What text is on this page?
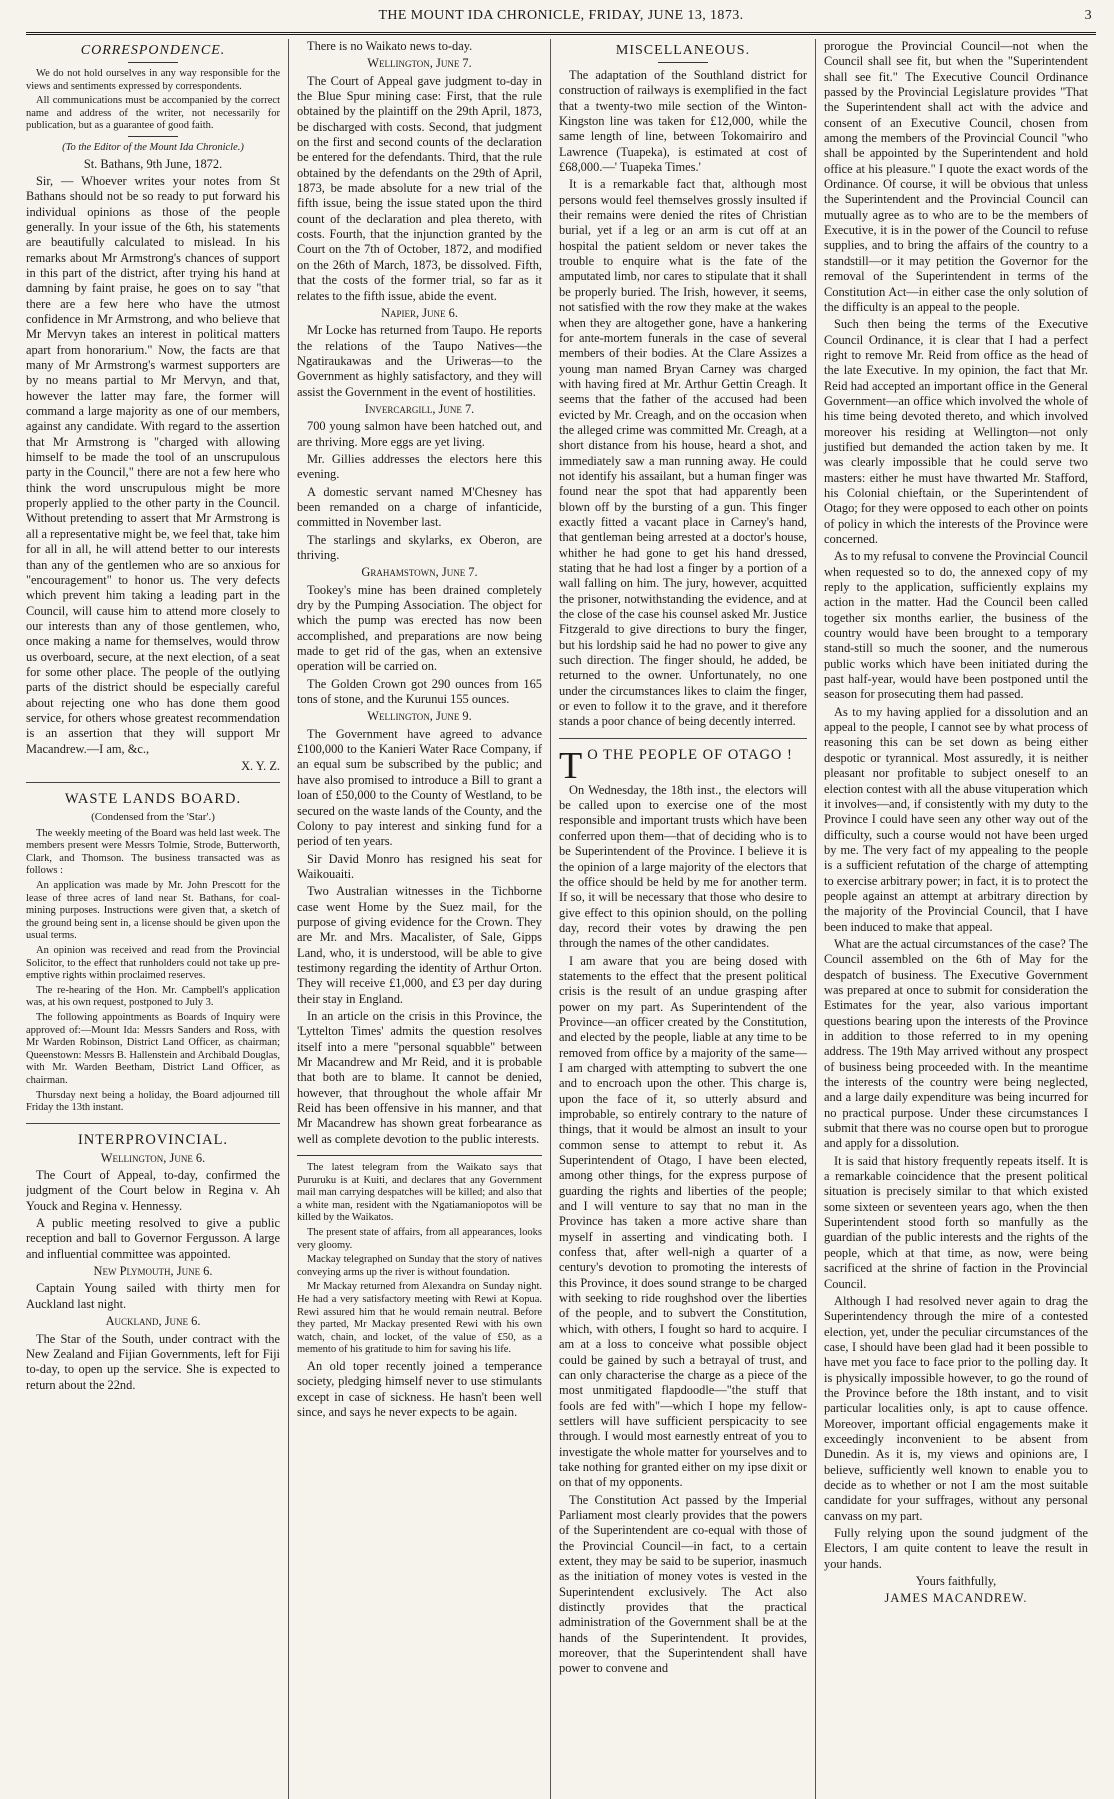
THE MOUNT IDA CHRONICLE, FRIDAY, JUNE 13, 1873.	3
CORRESPONDENCE.

We do not hold ourselves in any way responsible for the views and sentiments expressed by correspondents.

All communications must be accompanied by the correct name and address of the writer, not necessarily for publication, but as a guarantee of good faith.

(To the Editor of the Mount Ida Chronicle.)

St. Bathans, 9th June, 1872.

Sir, — Whoever writes your notes from St Bathans should not be so ready to put forward his individual opinions as those of the people generally. In your issue of the 6th, his statements are beautifully calculated to mislead. In his remarks about Mr Armstrong's chances of support in this part of the district, after trying his hand at damning by faint praise, he goes on to say "that there are a few here who have the utmost confidence in Mr Armstrong, and who believe that Mr Mervyn takes an interest in political matters apart from honorarium." Now, the facts are that many of Mr Armstrong's warmest supporters are by no means partial to Mr Mervyn, and that, however the latter may fare, the former will command a large majority as one of our members, against any candidate. With regard to the assertion that Mr Armstrong is "charged with allowing himself to be made the tool of an unscrupulous party in the Council," there are not a few here who think the word unscrupulous might be more properly applied to the other party in the Council. Without pretending to assert that Mr Armstrong is all a representative might be, we feel that, take him for all in all, he will attend better to our interests than any of the gentlemen who are so anxious for "encouragement" to honor us. The very defects which prevent him taking a leading part in the Council, will cause him to attend more closely to our interests than any of those gentlemen, who, once making a name for themselves, would throw us overboard, secure, at the next election, of a seat for some other place. The people of the outlying parts of the district should be especially careful about rejecting one who has done them good service, for others whose greatest recommendation is an assertion that they will support Mr Macandrew.—I am, &c.,

X. Y. Z.

WASTE LANDS BOARD.

(Condensed from the 'Star'.)

The weekly meeting of the Board was held last week. The members present were Messrs Tolmie, Strode, Butterworth, Clark, and Thomson. The business transacted was as follows :

An application was made by Mr. John Prescott for the lease of three acres of land near St. Bathans, for coal-mining purposes. Instructions were given that, a sketch of the ground being sent in, a license should be given upon the usual terms.

An opinion was received and read from the Provincial Solicitor, to the effect that runholders could not take up pre-emptive rights within proclaimed reserves.

The re-hearing of the Hon. Mr. Campbell's application was, at his own request, postponed to July 3.

The following appointments as Boards of Inquiry were approved of:—Mount Ida: Messrs Sanders and Ross, with Mr Warden Robinson, District Land Officer, as chairman; Queenstown: Messrs B. Hallenstein and Archibald Douglas, with Mr. Warden Beetham, District Land Officer, as chairman.

Thursday next being a holiday, the Board adjourned till Friday the 13th instant.

INTERPROVINCIAL.

Wellington, June 6.

The Court of Appeal, to-day, confirmed the judgment of the Court below in Regina v. Ah Youck and Regina v. Hennessy.

A public meeting resolved to give a public reception and ball to Governor Fergusson. A large and influential committee was appointed.

New Plymouth, June 6.

Captain Young sailed with thirty men for Auckland last night.

Auckland, June 6.

The Star of the South, under contract with the New Zealand and Fijian Governments, left for Fiji to-day, to open up the service. She is expected to return about the 22nd.

There is no Waikato news to-day.

Wellington, June 7.

The Court of Appeal gave judgment to-day in the Blue Spur mining case: First, that the rule obtained by the plaintiff on the 29th April, 1873, be discharged with costs. Second, that judgment on the first and second counts of the declaration be entered for the defendants. Third, that the rule obtained by the defendants on the 29th of April, 1873, be made absolute for a new trial of the fifth issue, being the issue stated upon the third count of the declaration and plea thereto, with costs. Fourth, that the injunction granted by the Court on the 7th of October, 1872, and modified on the 26th of March, 1873, be dissolved. Fifth, that the costs of the former trial, so far as it relates to the fifth issue, abide the event.

Napier, June 6.

Mr Locke has returned from Taupo. He reports the relations of the Taupo Natives—the Ngatiraukawas and the Uriweras—to the Government as highly satisfactory, and they will assist the Government in the event of hostilities.

Invercargill, June 7.

700 young salmon have been hatched out, and are thriving. More eggs are yet living.

Mr. Gillies addresses the electors here this evening.

A domestic servant named M'Chesney has been remanded on a charge of infanticide, committed in November last.

The starlings and skylarks, ex Oberon, are thriving.

Grahamstown, June 7.

Tookey's mine has been drained completely dry by the Pumping Association. The object for which the pump was erected has now been accomplished, and preparations are now being made to get rid of the gas, when an extensive operation will be carried on.

The Golden Crown got 290 ounces from 165 tons of stone, and the Kurunui 155 ounces.

Wellington, June 9.

The Government have agreed to advance £100,000 to the Kanieri Water Race Company, if an equal sum be subscribed by the public; and have also promised to introduce a Bill to grant a loan of £50,000 to the County of Westland, to be secured on the waste lands of the County, and the Colony to pay interest and sinking fund for a period of ten years.

Sir David Monro has resigned his seat for Waikouaiti.

Two Australian witnesses in the Tichborne case went Home by the Suez mail, for the purpose of giving evidence for the Crown. They are Mr. and Mrs. Macalister, of Sale, Gipps Land, who, it is understood, will be able to give testimony regarding the identity of Arthur Orton. They will receive £1,000, and £3 per day during their stay in England.

In an article on the crisis in this Province, the 'Lyttelton Times' admits the question resolves itself into a mere "personal squabble" between Mr Macandrew and Mr Reid, and it is probable that both are to blame. It cannot be denied, however, that throughout the whole affair Mr Reid has been offensive in his manner, and that Mr Macandrew has shown great forbearance as well as complete devotion to the public interests.

The latest telegram from the Waikato says that Pururuku is at Kuiti, and declares that any Government mail man carrying despatches will be killed; and also that a white man, resident with the Ngatiamaniopotos will be killed by the Waikatos.

The present state of affairs, from all appearances, looks very gloomy.

Mackay telegraphed on Sunday that the story of natives conveying arms up the river is without foundation.

Mr Mackay returned from Alexandra on Sunday night. He had a very satisfactory meeting with Rewi at Kopua. Rewi assured him that he would remain neutral. Before they parted, Mr Mackay presented Rewi with his own watch, chain, and locket, of the value of £50, as a memento of his gratitude to him for saving his life.

An old toper recently joined a temperance society, pledging himself never to use stimulants except in case of sickness. He hasn't been well since, and says he never expects to be again.

MISCELLANEOUS.

The adaptation of the Southland district for construction of railways is exemplified in the fact that a twenty-two mile section of the Winton-Kingston line was taken for £12,000, while the same length of line, between Tokomairiro and Lawrence (Tuapeka), is estimated at cost of £68,000.—' Tuapeka Times.'

It is a remarkable fact that, although most persons would feel themselves grossly insulted if their remains were denied the rites of Christian burial, yet if a leg or an arm is cut off at an hospital the patient seldom or never takes the trouble to enquire what is the fate of the amputated limb, nor cares to stipulate that it shall be properly buried. The Irish, however, it seems, not satisfied with the row they make at the wakes when they are altogether gone, have a hankering for ante-mortem funerals in the case of several members of their bodies. At the Clare Assizes a young man named Bryan Carney was charged with having fired at Mr. Arthur Gettin Creagh. It seems that the father of the accused had been evicted by Mr. Creagh, and on the occasion when the alleged crime was committed Mr. Creagh, at a short distance from his house, heard a shot, and immediately saw a man running away. He could not identify his assailant, but a human finger was found near the spot that had apparently been blown off by the bursting of a gun. This finger exactly fitted a vacant place in Carney's hand, that gentleman being arrested at a doctor's house, whither he had gone to get his hand dressed, stating that he had lost a finger by a portion of a wall falling on him. The jury, however, acquitted the prisoner, notwithstanding the evidence, and at the close of the case his counsel asked Mr. Justice Fitzgerald to give directions to bury the finger, but his lordship said he had no power to give any such direction. The finger should, he added, be returned to the owner. Unfortunately, no one under the circumstances likes to claim the finger, or even to follow it to the grave, and it therefore stands a poor chance of being decently interred.

T O THE PEOPLE OF OTAGO !

On Wednesday, the 18th inst., the electors will be called upon to exercise one of the most responsible and important trusts which have been conferred upon them—that of deciding who is to be Superintendent of the Province. I believe it is the opinion of a large majority of the electors that the office should be held by me for another term. If so, it will be necessary that those who desire to give effect to this opinion should, on the polling day, record their votes by drawing the pen through the names of the other candidates.

I am aware that you are being dosed with statements to the effect that the present political crisis is the result of an undue grasping after power on my part. As Superintendent of the Province—an officer created by the Constitution, and elected by the people, liable at any time to be removed from office by a majority of the same—I am charged with attempting to subvert the one and to encroach upon the other. This charge is, upon the face of it, so utterly absurd and improbable, so entirely contrary to the nature of things, that it would be almost an insult to your common sense to attempt to rebut it. As Superintendent of Otago, I have been elected, among other things, for the express purpose of guarding the rights and liberties of the people; and I will venture to say that no man in the Province has taken a more active share than myself in asserting and vindicating both. I confess that, after well-nigh a quarter of a century's devotion to promoting the interests of this Province, it does sound strange to be charged with seeking to ride roughshod over the liberties of the people, and to subvert the Constitution, which, with others, I fought so hard to acquire. I am at a loss to conceive what possible object could be gained by such a betrayal of trust, and can only characterise the charge as a piece of the most unmitigated flapdoodle—"the stuff that fools are fed with"—which I hope my fellow-settlers will have sufficient perspicacity to see through. I would most earnestly entreat of you to investigate the whole matter for yourselves and to take nothing for granted either on my ipse dixit or on that of my opponents.

The Constitution Act passed by the Imperial Parliament most clearly provides that the powers of the Superintendent are co-equal with those of the Provincial Council—in fact, to a certain extent, they may be said to be superior, inasmuch as the initiation of money votes is vested in the Superintendent exclusively. The Act also distinctly provides that the practical administration of the Government shall be at the hands of the Superintendent. It provides, moreover, that the Superintendent shall have power to convene and

prorogue the Provincial Council—not when the Council shall see fit, but when the "Superintendent shall see fit." The Executive Council Ordinance passed by the Provincial Legislature provides "That the Superintendent shall act with the advice and consent of an Executive Council, chosen from among the members of the Provincial Council "who shall be appointed by the Superintendent and hold office at his pleasure." I quote the exact words of the Ordinance. Of course, it will be obvious that unless the Superintendent and the Provincial Council can mutually agree as to who are to be the members of Executive, it is in the power of the Council to refuse supplies, and to bring the affairs of the country to a standstill—or it may petition the Governor for the removal of the Superintendent in terms of the Constitution Act—in either case the only solution of the difficulty is an appeal to the people.

Such then being the terms of the Executive Council Ordinance, it is clear that I had a perfect right to remove Mr. Reid from office as the head of the late Executive. In my opinion, the fact that Mr. Reid had accepted an important office in the General Government—an office which involved the whole of his time being devoted thereto, and which involved moreover his residing at Wellington—not only justified but demanded the action taken by me. It was clearly impossible that he could serve two masters: either he must have thwarted Mr. Stafford, his Colonial chieftain, or the Superintendent of Otago; for they were opposed to each other on points of policy in which the interests of the Province were concerned.

As to my refusal to convene the Provincial Council when requested so to do, the annexed copy of my reply to the application, sufficiently explains my action in the matter. Had the Council been called together six months earlier, the business of the country would have been brought to a temporary stand-still so much the sooner, and the numerous public works which have been initiated during the past half-year, would have been postponed until the season for prosecuting them had passed.

As to my having applied for a dissolution and an appeal to the people, I cannot see by what process of reasoning this can be set down as being either despotic or tyrannical. Most assuredly, it is neither pleasant nor profitable to subject oneself to an election contest with all the abuse vituperation which it involves—and, if consistently with my duty to the Province I could have seen any other way out of the difficulty, such a course would not have been urged by me. The very fact of my appealing to the people is a sufficient refutation of the charge of attempting to exercise arbitrary power; in fact, it is to protect the people against an attempt at arbitrary direction by the majority of the Provincial Council, that I have been induced to make that appeal.

What are the actual circumstances of the case? The Council assembled on the 6th of May for the despatch of business. The Executive Government was prepared at once to submit for consideration the Estimates for the year, also various important questions bearing upon the interests of the Province in addition to those referred to in my opening address. The 19th May arrived without any prospect of business being proceeded with. In the meantime the interests of the country were being neglected, and a large daily expenditure was being incurred for no practical purpose. Under these circumstances I submit that there was no course open but to prorogue and apply for a dissolution.

It is said that history frequently repeats itself. It is a remarkable coincidence that the present political situation is precisely similar to that which existed some sixteen or seventeen years ago, when the then Superintendent stood forth so manfully as the guardian of the public interests and the rights of the people, which at that time, as now, were being sacrificed at the shrine of faction in the Provincial Council.

Although I had resolved never again to drag the Superintendency through the mire of a contested election, yet, under the peculiar circumstances of the case, I should have been glad had it been possible to have met you face to face prior to the polling day. It is physically impossible however, to go the round of the Province before the 18th instant, and to visit particular localities only, is apt to cause offence. Moreover, important official engagements make it exceedingly inconvenient to be absent from Dunedin. As it is, my views and opinions are, I believe, sufficiently well known to enable you to decide as to whether or not I am the most suitable candidate for your suffrages, without any personal canvass on my part.

Fully relying upon the sound judgment of the Electors, I am quite content to leave the result in your hands.

Yours faithfully,

JAMES MACANDREW.
